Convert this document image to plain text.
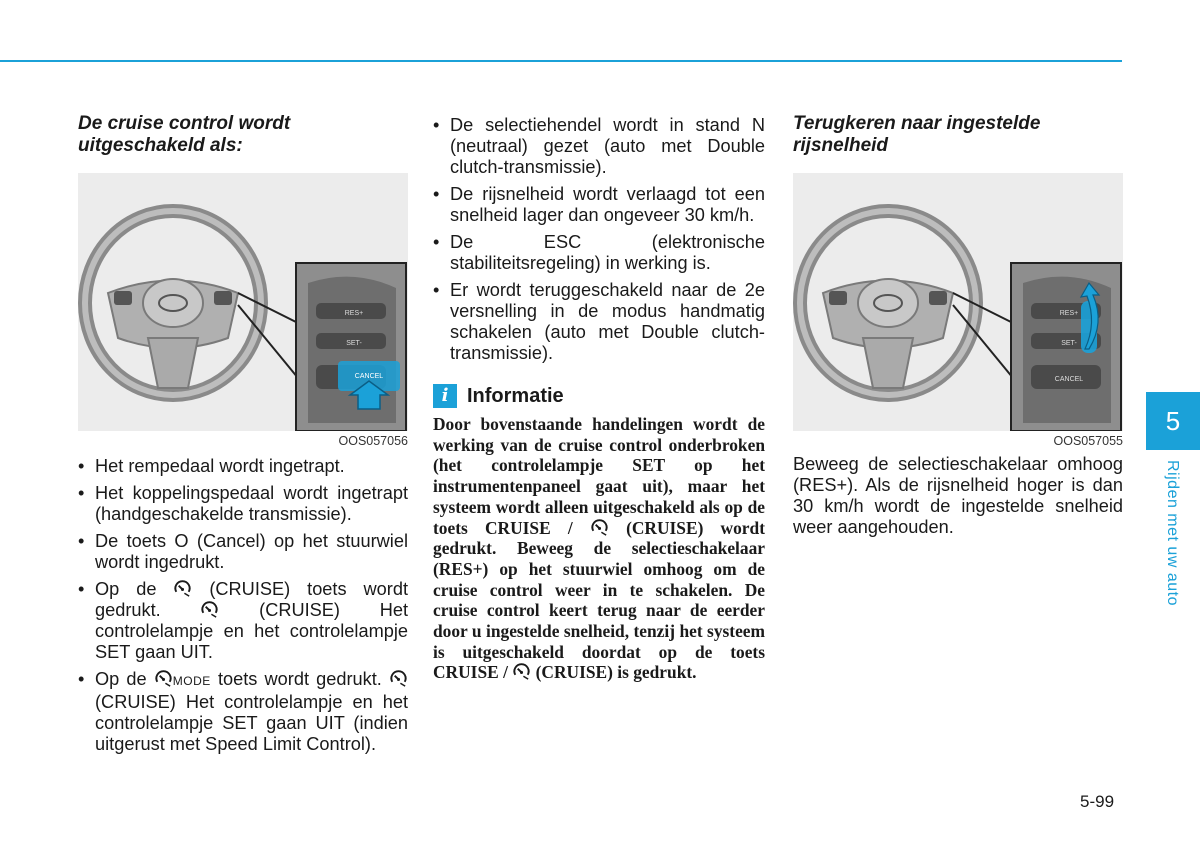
De cruise control wordt uitgeschakeld als:
RES+
SET-
CANCEL
OOS057056
• Het rempedaal wordt ingetrapt.
• Het koppelingspedaal wordt ingetrapt (handgeschakelde transmissie).
• De toets O (Cancel) op het stuurwiel wordt ingedrukt.
• Op de	(CRUISE) toets wordt gedrukt.	(CRUISE) Het controlelampje en het controlelampje SET gaan UIT.
• Op de MODE toets wordt gedrukt.  (CRUISE) Het controlelampje en het controlelampje SET gaan UIT (indien uitgerust met Speed Limit Control).
• De selectiehendel wordt in stand N (neutraal) gezet (auto met Double clutch-transmissie).
• De rijsnelheid wordt verlaagd tot een snelheid lager dan ongeveer 30 km/h.
• De ESC (elektronische stabiliteitsregeling) in werking is.
• Er wordt teruggeschakeld naar de 2e versnelling in de modus handmatig schakelen (auto met Double clutch-transmissie).
i Informatie
Door bovenstaande handelingen wordt de werking van de cruise control onderbroken (het controlelampje SET op het instrumentenpaneel gaat uit), maar het systeem wordt alleen uitgeschakeld als op de toets CRUISE /	(CRUISE) wordt gedrukt. Beweeg de selectieschakelaar (RES+) op het stuurwiel omhoog om de cruise control weer in te schakelen. De cruise control keert terug naar de eerder door u ingestelde snelheid, tenzij het systeem is uitgeschakeld doordat op de toets CRUISE / (CRUISE) is gedrukt.
Terugkeren naar ingestelde rijsnelheid
RES+
SET-
CANCEL
OOS057055
Beweeg de selectieschakelaar omhoog (RES+). Als de rijsnelheid hoger is dan 30 km/h wordt de ingestelde snelheid weer aangehouden.
5
Rijden met uw auto
5-99
